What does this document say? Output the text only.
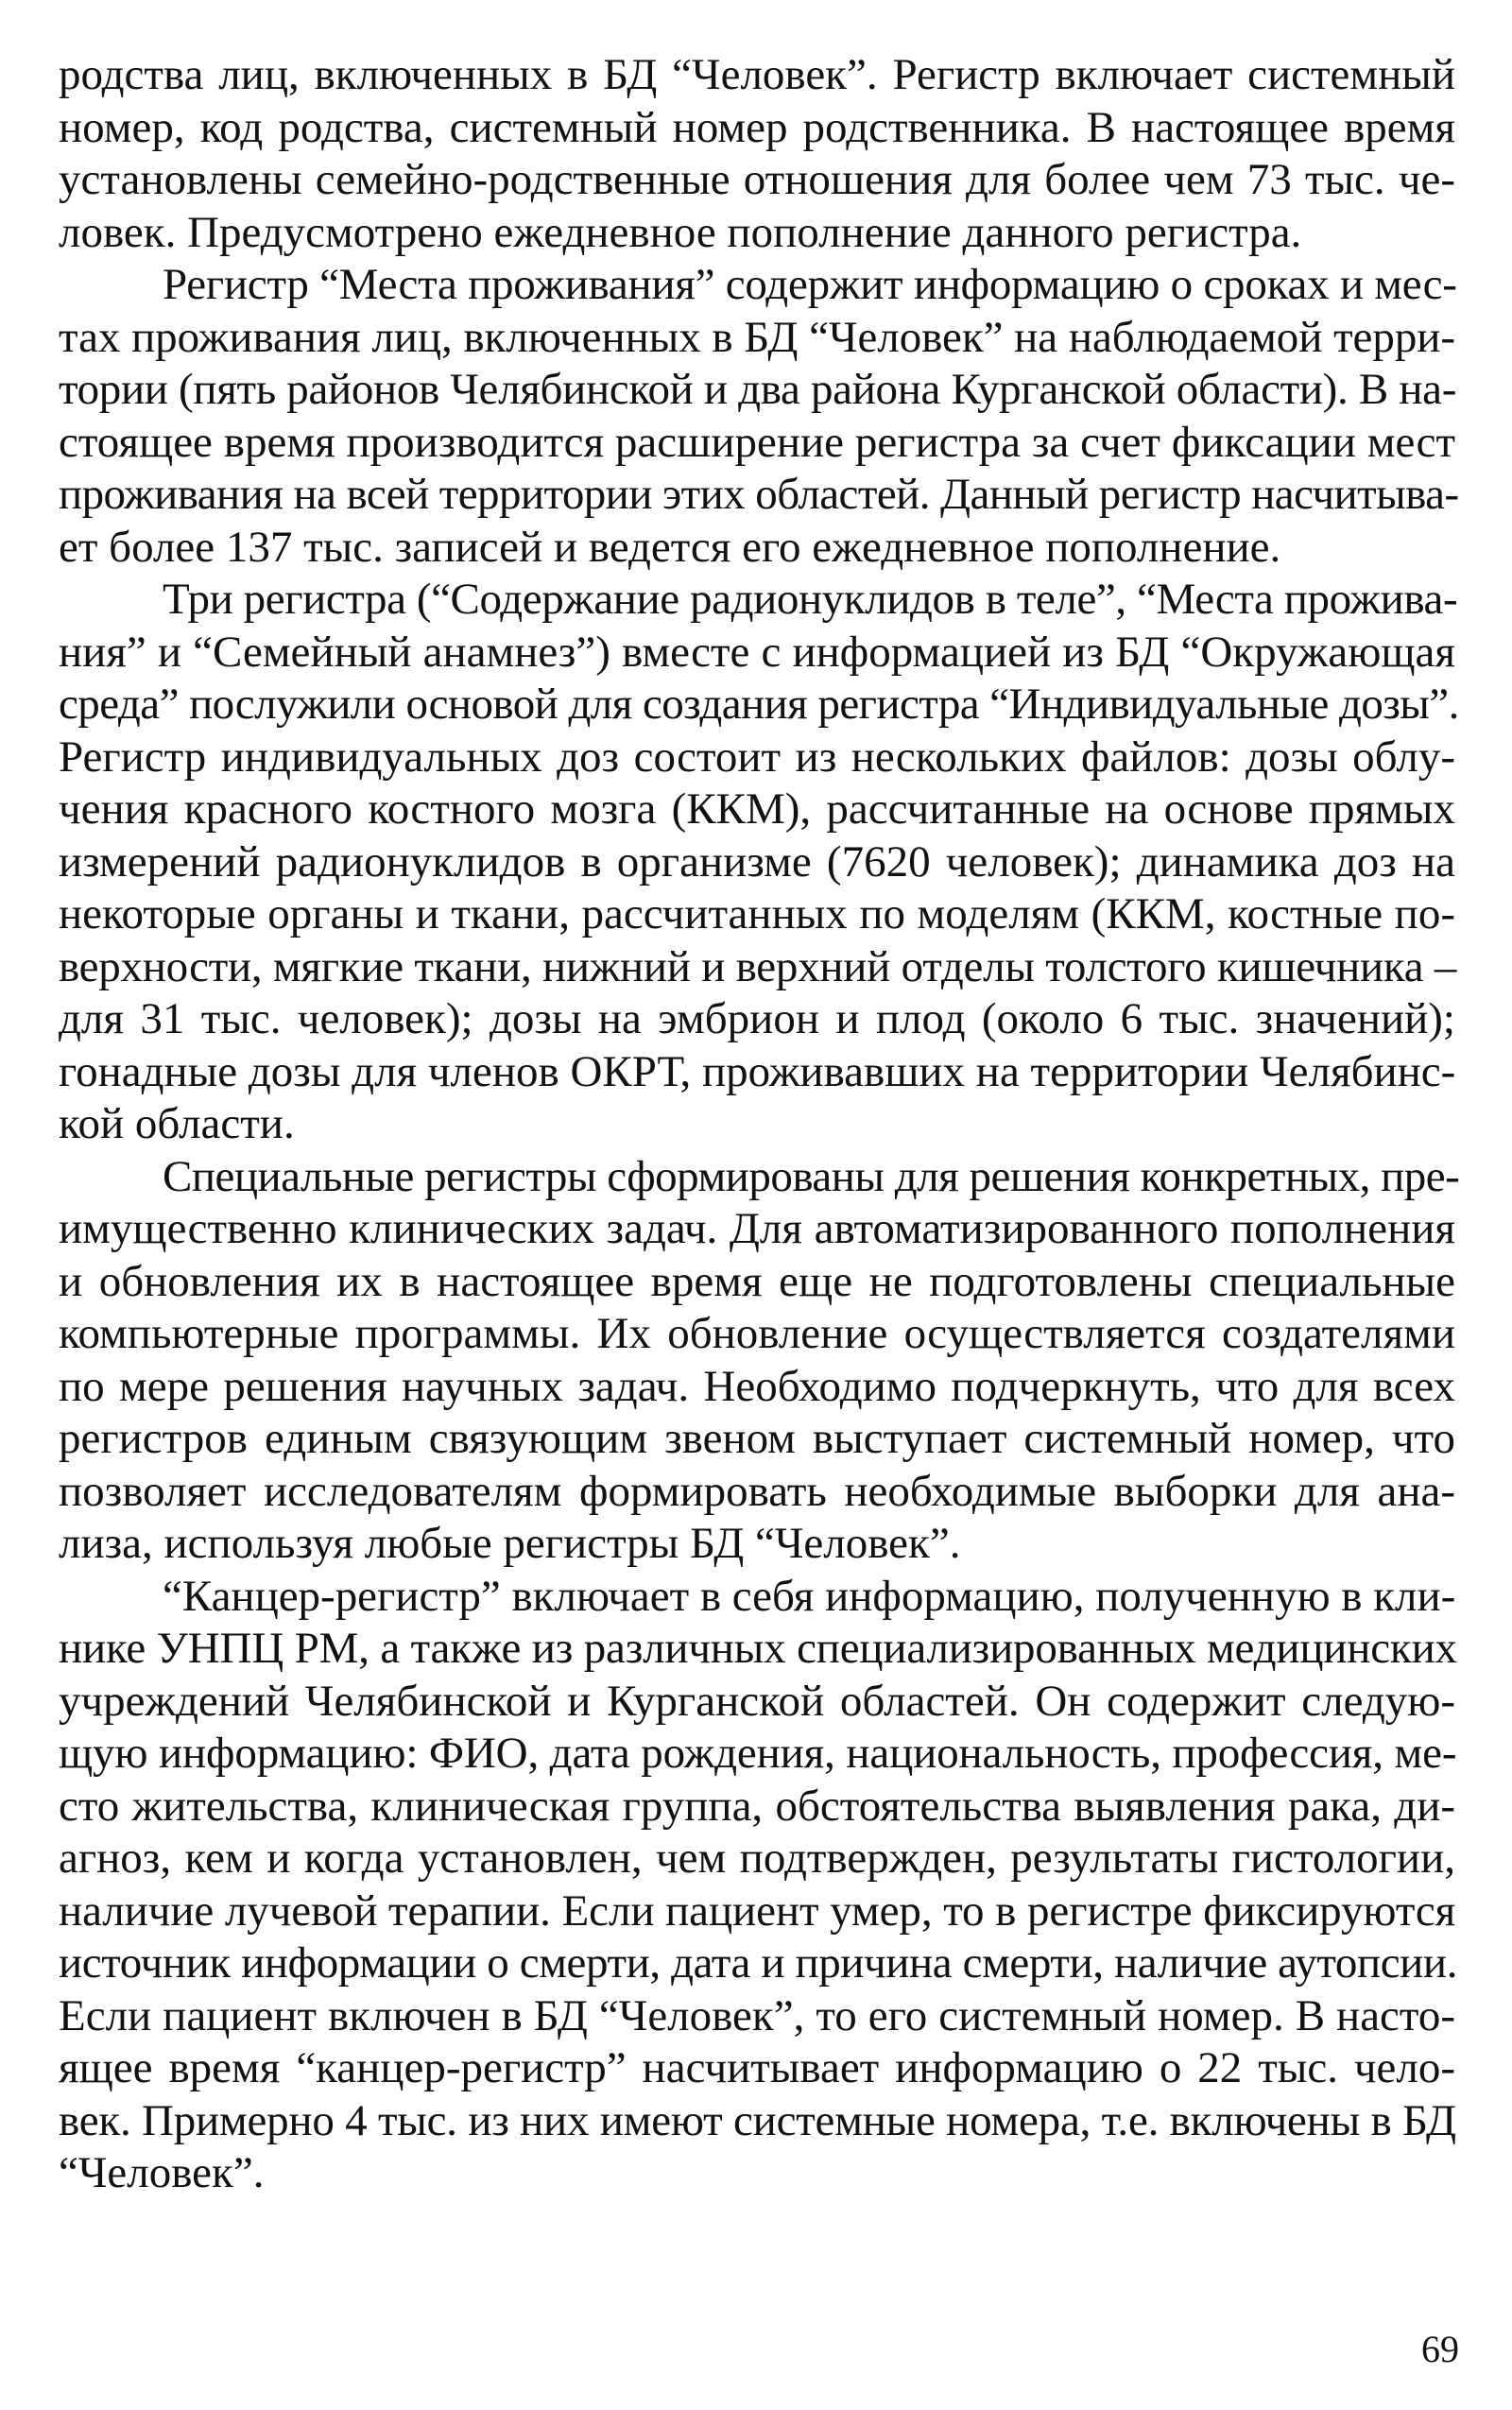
родства лиц, включенных в БД “Человек”. Регистр включает системный
номер, код родства, системный номер родственника. В настоящее время
установлены семейно-родственные отношения для более чем 73 тыс. че-
ловек. Предусмотрено ежедневное пополнение данного регистра.
Регистр “Места проживания” содержит информацию о сроках и мес-
тах проживания лиц, включенных в БД “Человек” на наблюдаемой терри-
тории (пять районов Челябинской и два района Курганской области). В на-
стоящее время производится расширение регистра за счет фиксации мест
проживания на всей территории этих областей. Данный регистр насчитыва-
ет более 137 тыс. записей и ведется его ежедневное пополнение.
Три регистра (“Содержание радионуклидов в теле”, “Места прожива-
ния” и “Семейный анамнез”) вместе с информацией из БД “Окружающая
среда” послужили основой для создания регистра “Индивидуальные дозы”.
Регистр индивидуальных доз состоит из нескольких файлов: дозы облу-
чения красного костного мозга (ККМ), рассчитанные на основе прямых
измерений радионуклидов в организме (7620 человек); динамика доз на
некоторые органы и ткани, рассчитанных по моделям (ККМ, костные по-
верхности, мягкие ткани, нижний и верхний отделы толстого кишечника –
для 31 тыс. человек); дозы на эмбрион и плод (около 6 тыс. значений);
гонадные дозы для членов ОКРТ, проживавших на территории Челябинс-
кой области.
Специальные регистры сформированы для решения конкретных, пре-
имущественно клинических задач. Для автоматизированного пополнения
и обновления их в настоящее время еще не подготовлены специальные
компьютерные программы. Их обновление осуществляется создателями
по мере решения научных задач. Необходимо подчеркнуть, что для всех
регистров единым связующим звеном выступает системный номер, что
позволяет исследователям формировать необходимые выборки для ана-
лиза, используя любые регистры БД “Человек”.
“Канцер-регистр” включает в себя информацию, полученную в кли-
нике УНПЦ РМ, а также из различных специализированных медицинских
учреждений Челябинской и Курганской областей. Он содержит следую-
щую информацию: ФИО, дата рождения, национальность, профессия, ме-
сто жительства, клиническая группа, обстоятельства выявления рака, ди-
агноз, кем и когда установлен, чем подтвержден, результаты гистологии,
наличие лучевой терапии. Если пациент умер, то в регистре фиксируются
источник информации о смерти, дата и причина смерти, наличие аутопсии.
Если пациент включен в БД “Человек”, то его системный номер. В насто-
ящее время “канцер-регистр” насчитывает информацию о 22 тыс. чело-
век. Примерно 4 тыс. из них имеют системные номера, т.е. включены в БД
“Человек”.
69
